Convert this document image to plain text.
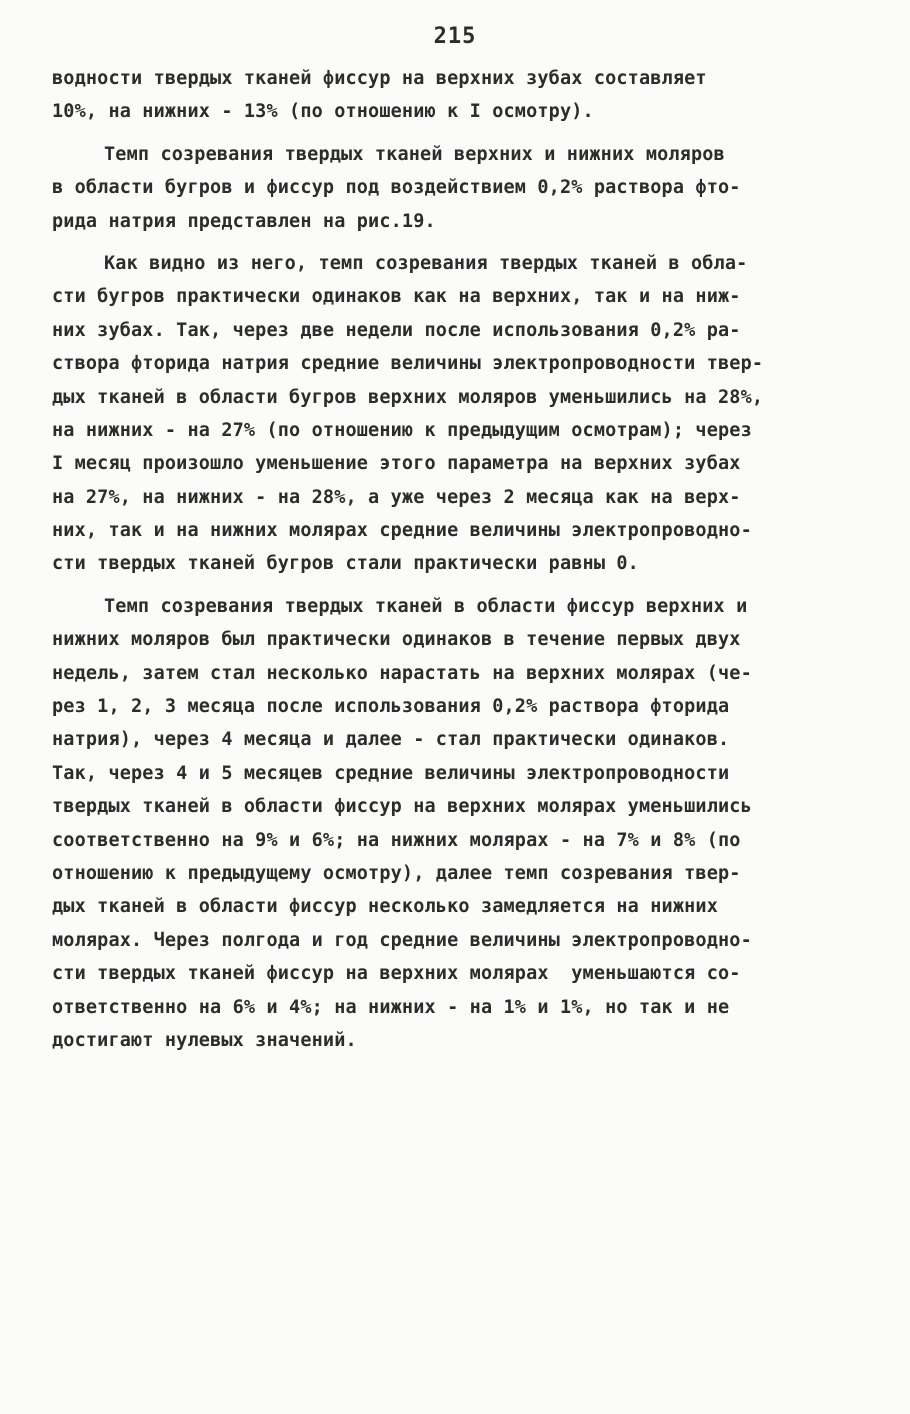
215
водности твердых тканей фиссур на верхних зубах составляет
10%, на нижних - 13% (по отношению к I осмотру).
Темп созревания твердых тканей верхних и нижних моляров
в области бугров и фиссур под воздействием 0,2% раствора фто-
рида натрия представлен на рис.19.
Как видно из него, темп созревания твердых тканей в обла-
сти бугров практически одинаков как на верхних, так и на ниж-
них зубах. Так, через две недели после использования 0,2% ра-
створа фторида натрия средние величины электропроводности твер-
дых тканей в области бугров верхних моляров уменьшились на 28%,
на нижних - на 27% (по отношению к предыдущим осмотрам); через
I месяц произошло уменьшение этого параметра на верхних зубах
на 27%, на нижних - на 28%, а уже через 2 месяца как на верх-
них, так и на нижних молярах средние величины электропроводно-
сти твердых тканей бугров стали практически равны 0.
Темп созревания твердых тканей в области фиссур верхних и
нижних моляров был практически одинаков в течение первых двух
недель, затем стал несколько нарастать на верхних молярах (че-
рез 1, 2, 3 месяца после использования 0,2% раствора фторида
натрия), через 4 месяца и далее - стал практически одинаков.
Так, через 4 и 5 месяцев средние величины электропроводности
твердых тканей в области фиссур на верхних молярах уменьшились
соответственно на 9% и 6%; на нижних молярах - на 7% и 8% (по
отношению к предыдущему осмотру), далее темп созревания твер-
дых тканей в области фиссур несколько замедляется на нижних
молярах. Через полгода и год средние величины электропроводно-
сти твердых тканей фиссур на верхних молярах  уменьшаются со-
ответственно на 6% и 4%; на нижних - на 1% и 1%, но так и не
достигают нулевых значений.
